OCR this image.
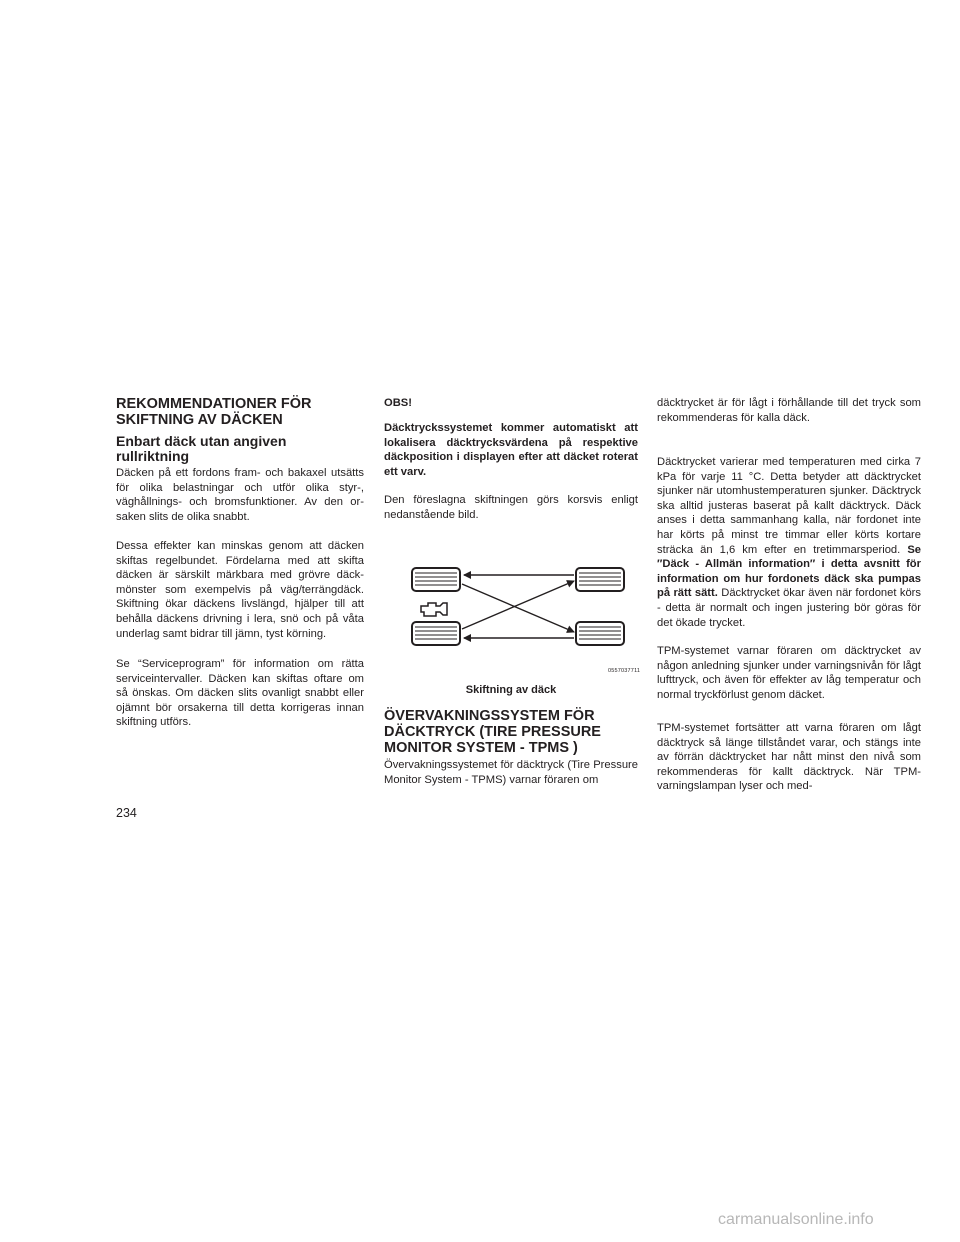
REKOMMENDATIONER FÖR
SKIFTNING AV DÄCKEN
Enbart däck utan angiven
rullriktning

Däcken på ett fordons fram- och bakaxel utsätts för olika belastningar och utför olika styr-, väghållnings- och bromsfunktioner. Av den orsaken slits de olika snabbt.

Dessa effekter kan minskas genom att däcken skiftas regelbundet. Fördelarna med att skifta däcken är särskilt märkbara med grövre däckmönster som exempelvis på väg/terrängdäck. Skiftning ökar däckens livslängd, hjälper till att behålla däckens drivning i lera, snö och på våta underlag samt bidrar till jämn, tyst körning.

Se “Serviceprogram” för information om rätta serviceintervaller. Däcken kan skiftas oftare om så önskas. Om däcken slits ovanligt snabbt eller ojämnt bör orsakerna till detta korrigeras innan skiftning utförs.

OBS!

Däcktryckssystemet kommer automatiskt att lokalisera däcktrycksvärdena på respektive däckposition i displayen efter att däcket roterat ett varv.

Den föreslagna skiftningen görs korsvis enligt nedanstående bild.

ÖVERVAKNINGSSYSTEM FÖR
DÄCKTRYCK (TIRE PRESSURE
MONITOR SYSTEM - TPMS )

Övervakningssystemet för däcktryck (Tire Pressure Monitor System - TPMS) varnar föraren om

0557037711
Skiftning av däck

däcktrycket är för lågt i förhållande till det tryck som rekommenderas för kalla däck.

Däcktrycket varierar med temperaturen med cirka 7 kPa för varje 11 °C. Detta betyder att däcktrycket sjunker när utomhustemperaturen sjunker. Däcktryck ska alltid justeras baserat på kallt däcktryck. Däck anses i detta sammanhang kalla, när fordonet inte har körts på minst tre timmar eller körts kortare sträcka än 1,6 km efter en tretimmarsperiod. Se ″Däck - Allmän information″ i detta avsnitt för information om hur fordonets däck ska pumpas på rätt sätt. Däcktrycket ökar även när fordonet körs - detta är normalt och ingen justering bör göras för det ökade trycket.

TPM-systemet varnar föraren om däcktrycket av någon anledning sjunker under varningsnivån för lågt lufttryck, och även för effekter av låg temperatur och normal tryckförlust genom däcket.

TPM-systemet fortsätter att varna föraren om lågt däcktryck så länge tillståndet varar, och stängs inte av förrän däcktrycket har nått minst den nivå som rekommenderas för kallt däcktryck. När TPM-varningslampan lyser och med-

234
carmanualsonline.info
